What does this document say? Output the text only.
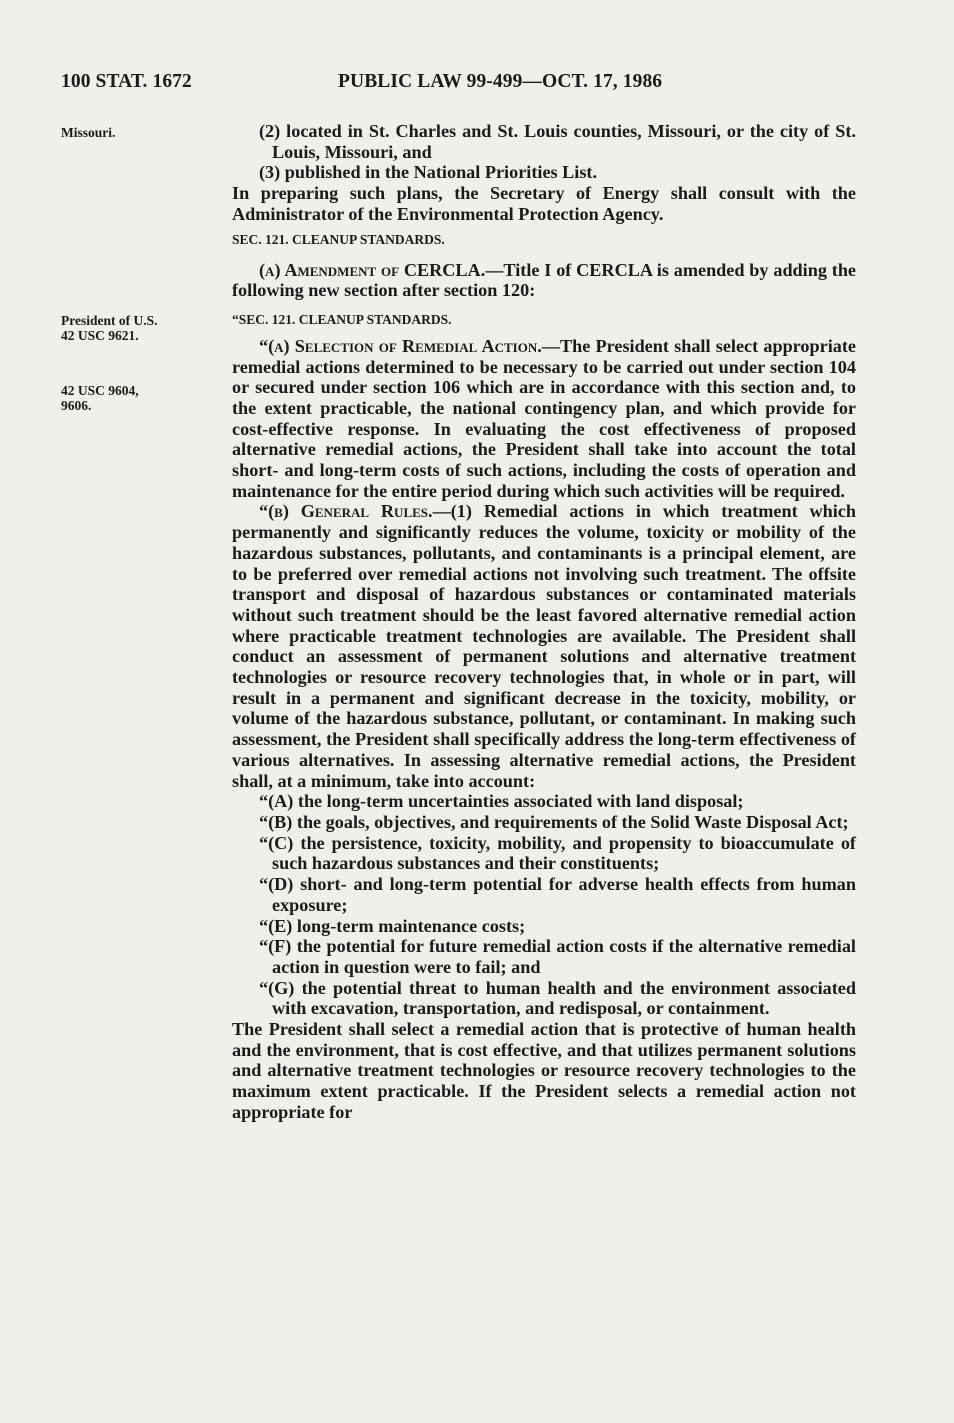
100 STAT. 1672	PUBLIC LAW 99-499—OCT. 17, 1986
Missouri.
President of U.S.
42 USC 9621.
42 USC 9604,
9606.

(2) located in St. Charles and St. Louis counties, Missouri, or the city of St. Louis, Missouri, and

(3) published in the National Priorities List.

In preparing such plans, the Secretary of Energy shall consult with the Administrator of the Environmental Protection Agency.

SEC. 121. CLEANUP STANDARDS.

(a) Amendment of CERCLA.—Title I of CERCLA is amended by adding the following new section after section 120:

“SEC. 121. CLEANUP STANDARDS.

“(a) Selection of Remedial Action.—The President shall select appropriate remedial actions determined to be necessary to be carried out under section 104 or secured under section 106 which are in accordance with this section and, to the extent practicable, the national contingency plan, and which provide for cost-effective response. In evaluating the cost effectiveness of proposed alternative remedial actions, the President shall take into account the total short- and long-term costs of such actions, including the costs of operation and maintenance for the entire period during which such activities will be required.

“(b) General Rules.—(1) Remedial actions in which treatment which permanently and significantly reduces the volume, toxicity or mobility of the hazardous substances, pollutants, and contaminants is a principal element, are to be preferred over remedial actions not involving such treatment. The offsite transport and disposal of hazardous substances or contaminated materials without such treatment should be the least favored alternative remedial action where practicable treatment technologies are available. The President shall conduct an assessment of permanent solutions and alternative treatment technologies or resource recovery technologies that, in whole or in part, will result in a permanent and significant decrease in the toxicity, mobility, or volume of the hazardous substance, pollutant, or contaminant. In making such assessment, the President shall specifically address the long-term effectiveness of various alternatives. In assessing alternative remedial actions, the President shall, at a minimum, take into account:

“(A) the long-term uncertainties associated with land disposal;

“(B) the goals, objectives, and requirements of the Solid Waste Disposal Act;

“(C) the persistence, toxicity, mobility, and propensity to bioaccumulate of such hazardous substances and their constituents;

“(D) short- and long-term potential for adverse health effects from human exposure;

“(E) long-term maintenance costs;

“(F) the potential for future remedial action costs if the alternative remedial action in question were to fail; and

“(G) the potential threat to human health and the environment associated with excavation, transportation, and redisposal, or containment.

The President shall select a remedial action that is protective of human health and the environment, that is cost effective, and that utilizes permanent solutions and alternative treatment technologies or resource recovery technologies to the maximum extent practicable. If the President selects a remedial action not appropriate for
